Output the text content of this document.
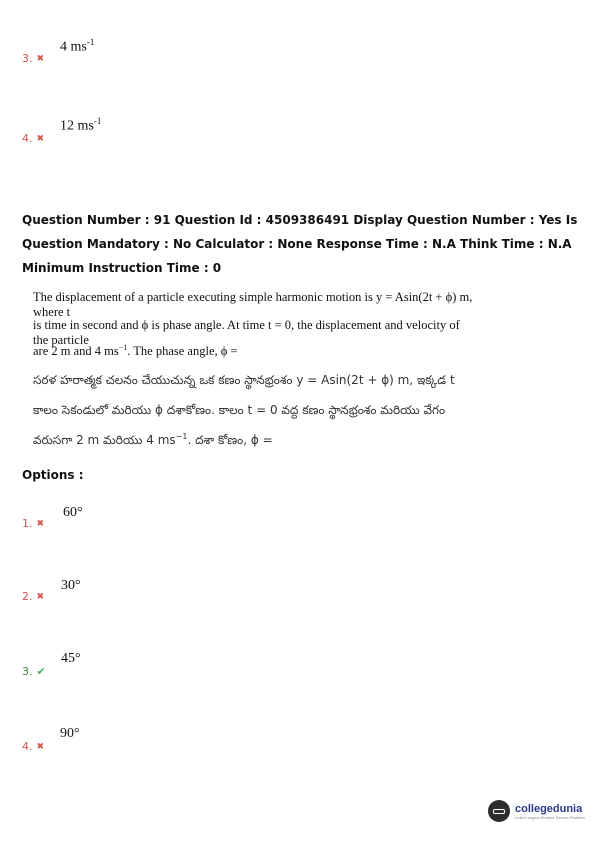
3. ✖
4 $ms^{-1}$
4. ✖
12 $ms^{-1}$
Question Number : 91 Question Id : 4509386491 Display Question Number : Yes Is Question Mandatory : No Calculator : None Response Time : N.A Think Time : N.A Minimum Instruction Time : 0
The displacement of a particle executing simple harmonic motion is y = Asin(2t + ϕ) m, where t
is time in second and ϕ is phase angle. At time t = 0, the displacement and velocity of the particle
are 2 m and 4 $ms^{-1}$. The phase angle, ϕ =
సరళ హరాత్మక చలనం చేయుచున్న ఒక కణం స్థానభ్రంశం y = Asin(2t + ϕ) m, ఇక్కడ t
కాలం సెకండులో మరియు ϕ దశాకోణం. కాలం t = 0 వద్ద కణం స్థానభ్రంశం మరియు వేగం
వరుసగా 2 m మరియు 4 $ms^{-1}$. దశా కోణం, ϕ =
Options :
1. ✖
60°
2. ✖
30°
3. ✔
45°
4. ✖
90°
collegedunia
India's largest Student Review Platform
